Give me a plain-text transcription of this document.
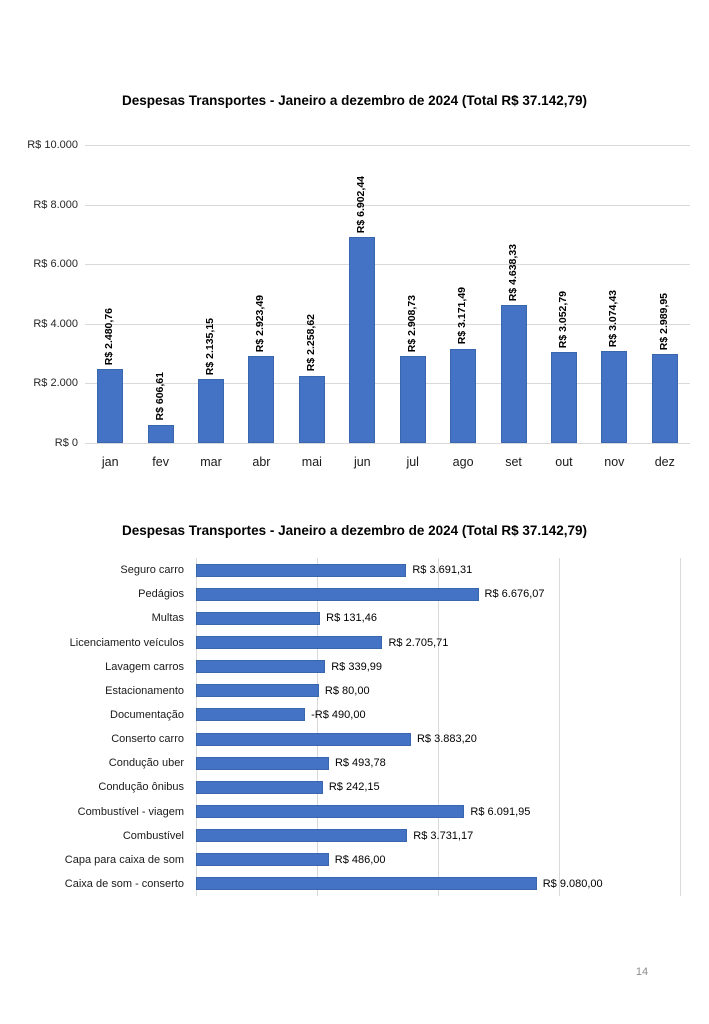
Despesas Transportes - Janeiro a dezembro de 2024 (Total R$ 37.142,79)
R$ 2.480,76
jan
R$ 606,61
fev
R$ 2.135,15
mar
R$ 2.923,49
abr
R$ 2.258,62
mai
R$ 6.902,44
jun
R$ 2.908,73
jul
R$ 3.171,49
ago
R$ 4.638,33
set
R$ 3.052,79
out
R$ 3.074,43
nov
R$ 2.989,95
dez
Despesas Transportes - Janeiro a dezembro de 2024 (Total R$ 37.142,79)
R$ 3.691,31
R$ 6.676,07
R$ 131,46
R$ 2.705,71
R$ 339,99
R$ 80,00
-R$ 490,00
R$ 3.883,20
R$ 493,78
R$ 242,15
R$ 6.091,95
R$ 3.731,17
R$ 486,00
R$ 9.080,00
14
R$ 10.000
R$ 8.000
R$ 6.000
R$ 4.000
R$ 2.000
R$ 0
Seguro carro
Pedágios
Multas
Licenciamento veículos
Lavagem carros
Estacionamento
Documentação
Conserto carro
Condução uber
Condução ônibus
Combustível - viagem
Combustível
Capa para caixa de som
Caixa de som - conserto
